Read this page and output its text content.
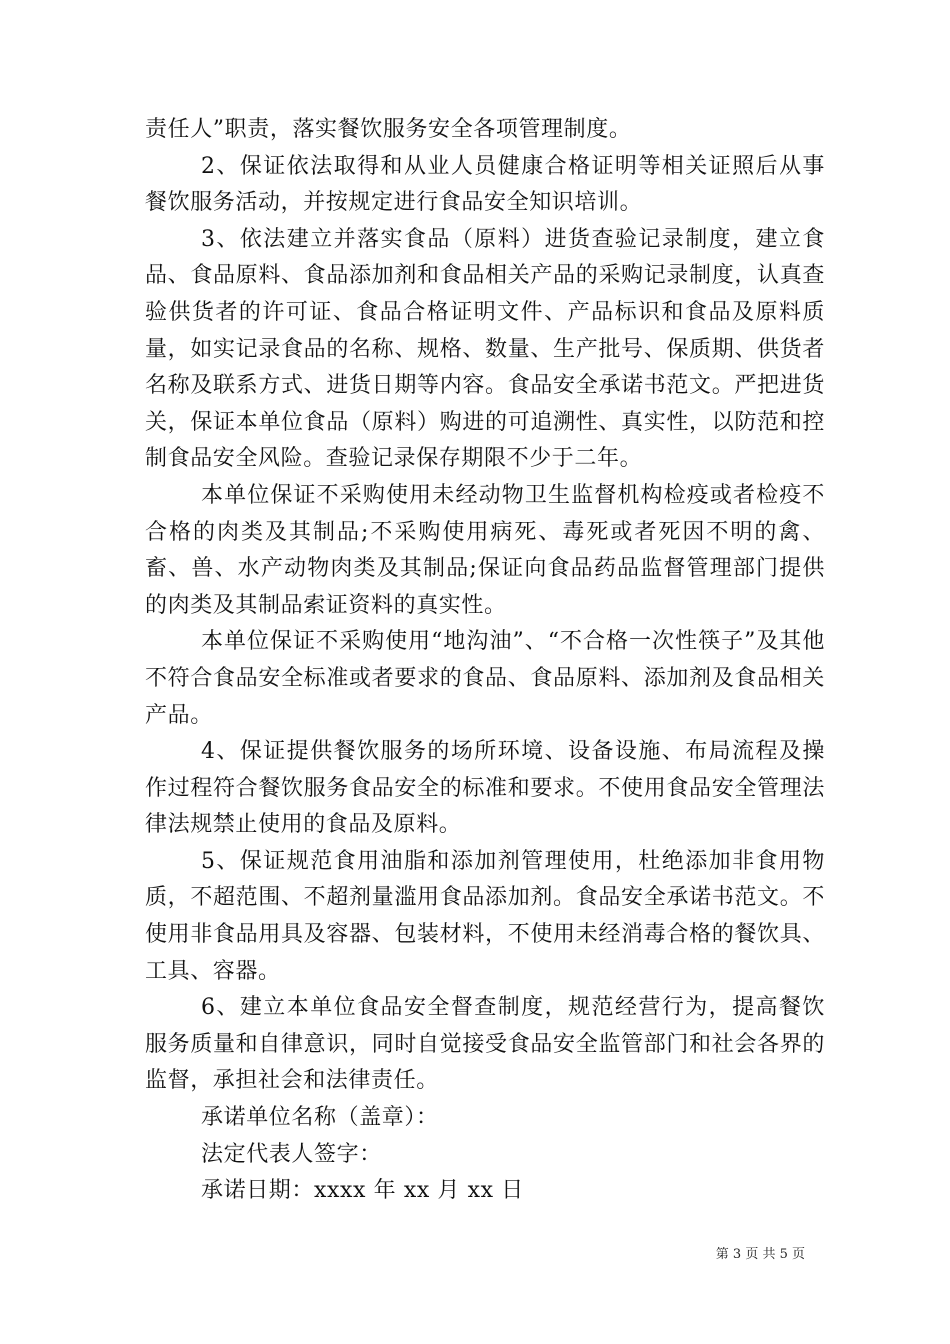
责任人”职责，落实餐饮服务安全各项管理制度。

2、保证依法取得和从业人员健康合格证明等相关证照后从事餐饮服务活动，并按规定进行食品安全知识培训。

3、依法建立并落实食品（原料）进货查验记录制度，建立食品、食品原料、食品添加剂和食品相关产品的采购记录制度，认真查验供货者的许可证、食品合格证明文件、产品标识和食品及原料质量，如实记录食品的名称、规格、数量、生产批号、保质期、供货者名称及联系方式、进货日期等内容。食品安全承诺书范文。严把进货关，保证本单位食品（原料）购进的可追溯性、真实性，以防范和控制食品安全风险。查验记录保存期限不少于二年。

本单位保证不采购使用未经动物卫生监督机构检疫或者检疫不合格的肉类及其制品;不采购使用病死、毒死或者死因不明的禽、畜、兽、水产动物肉类及其制品;保证向食品药品监督管理部门提供的肉类及其制品索证资料的真实性。

本单位保证不采购使用“地沟油”、“不合格一次性筷子”及其他不符合食品安全标准或者要求的食品、食品原料、添加剂及食品相关产品。

4、保证提供餐饮服务的场所环境、设备设施、布局流程及操作过程符合餐饮服务食品安全的标准和要求。不使用食品安全管理法律法规禁止使用的食品及原料。

5、保证规范食用油脂和添加剂管理使用，杜绝添加非食用物质，不超范围、不超剂量滥用食品添加剂。食品安全承诺书范文。不使用非食品用具及容器、包装材料，不使用未经消毒合格的餐饮具、工具、容器。

6、建立本单位食品安全督查制度，规范经营行为，提高餐饮服务质量和自律意识，同时自觉接受食品安全监管部门和社会各界的监督，承担社会和法律责任。

承诺单位名称（盖章）：

法定代表人签字：

承诺日期：xxxx 年 xx 月 xx 日

第 3 页 共 5 页
